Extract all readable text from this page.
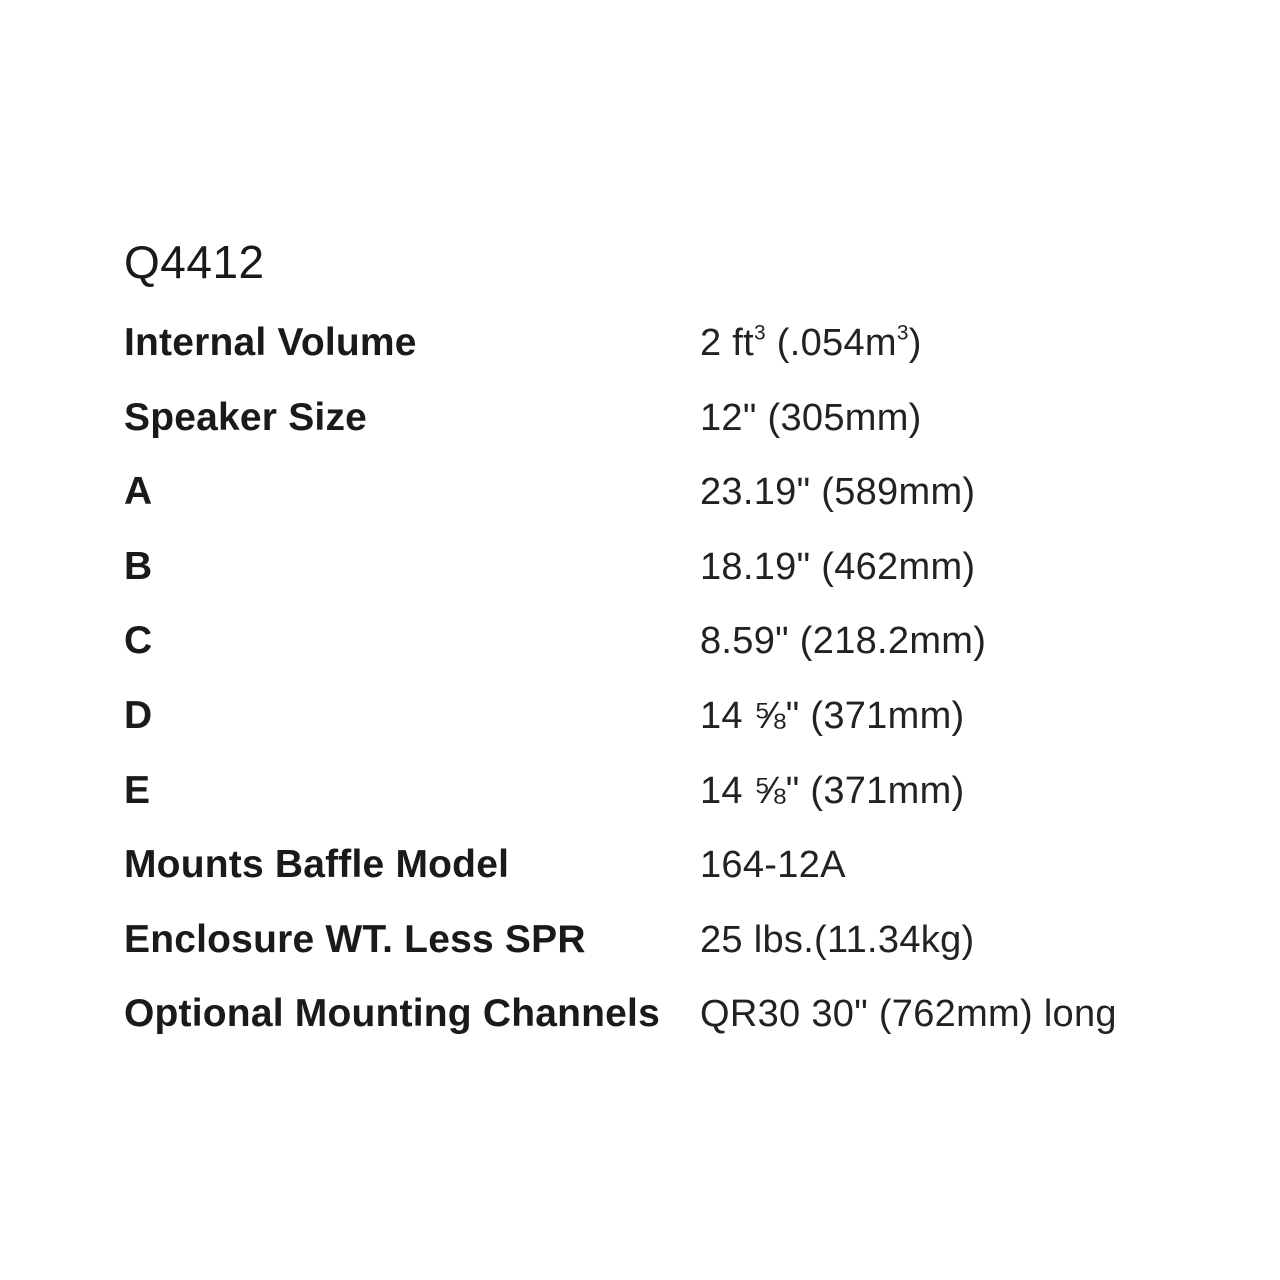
Q4412
Internal Volume	2 $ft^3$ $(.054m^3)$
Speaker Size	12" (305mm)
A	23.19" (589mm)
B	18.19" (462mm)
C	8.59" (218.2mm)
D	14 ⅝" (371mm)
E	14 ⅝" (371mm)
Mounts Baffle Model	164-12A
Enclosure WT. Less SPR	25 lbs.(11.34kg)
Optional Mounting Channels	QR30 30" (762mm) long
